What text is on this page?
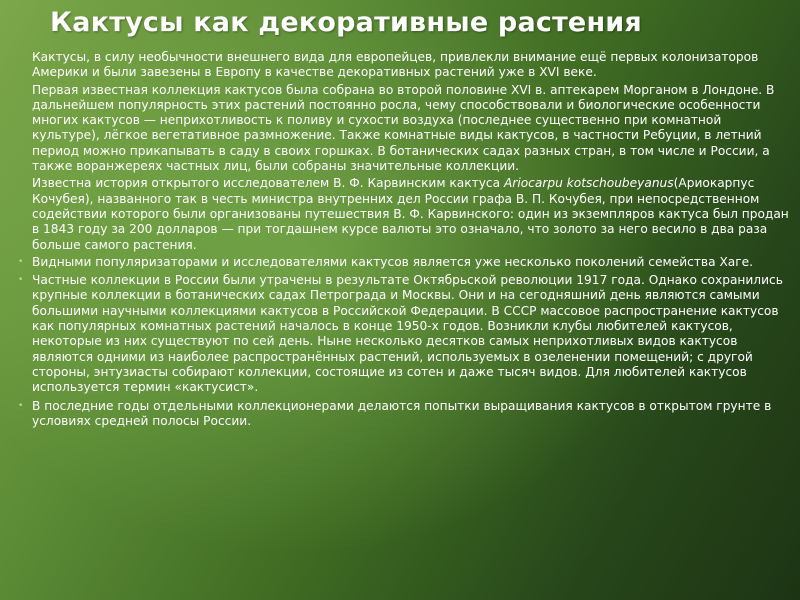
Кактусы как декоративные растения
Кактусы, в силу необычности внешнего вида для европейцев, привлекли внимание ещё первых колонизаторов Америки и были завезены в Европу в качестве декоративных растений уже в XVI веке.
Первая известная коллекция кактусов была собрана во второй половине XVI в. аптекарем Морганом в Лондоне. В дальнейшем популярность этих растений постоянно росла, чему способствовали и биологические особенности многих кактусов — неприхотливость к поливу и сухости воздуха (последнее существенно при комнатной культуре), лёгкое вегетативное размножение. Также комнатные виды кактусов, в частности Ребуции, в летний период можно прикапывать в саду в своих горшках. В ботанических садах разных стран, в том числе и России, а также воранжереях частных лиц, были собраны значительные коллекции.
Известна история открытого исследователем В. Ф. Карвинским кактуса Ariocarpu kotschoubeyanus(Ариокарпус Кочубея), названного так в честь министра внутренних дел России графа В. П. Кочубея, при непосредственном содействии которого были организованы путешествия В. Ф. Карвинского: один из экземпляров кактуса был продан в 1843 году за 200 долларов — при тогдашнем курсе валюты это означало, что золото за него весило в два раза больше самого растения.
• Видными популяризаторами и исследователями кактусов является уже несколько поколений семейства Хаге.
• Частные коллекции в России были утрачены в результате Октябрьской революции 1917 года. Однако сохранились крупные коллекции в ботанических садах Петрограда и Москвы. Они и на сегодняшний день являются самыми большими научными коллекциями кактусов в Российской Федерации. В СССР массовое распространение кактусов как популярных комнатных растений началось в конце 1950-х годов. Возникли клубы любителей кактусов, некоторые из них существуют по сей день. Ныне несколько десятков самых неприхотливых видов кактусов являются одними из наиболее распространённых растений, используемых в озеленении помещений; с другой стороны, энтузиасты собирают коллекции, состоящие из сотен и даже тысяч видов. Для любителей кактусов используется термин «кактусист».
• В последние годы отдельными коллекционерами делаются попытки выращивания кактусов в открытом грунте в условиях средней полосы России.
